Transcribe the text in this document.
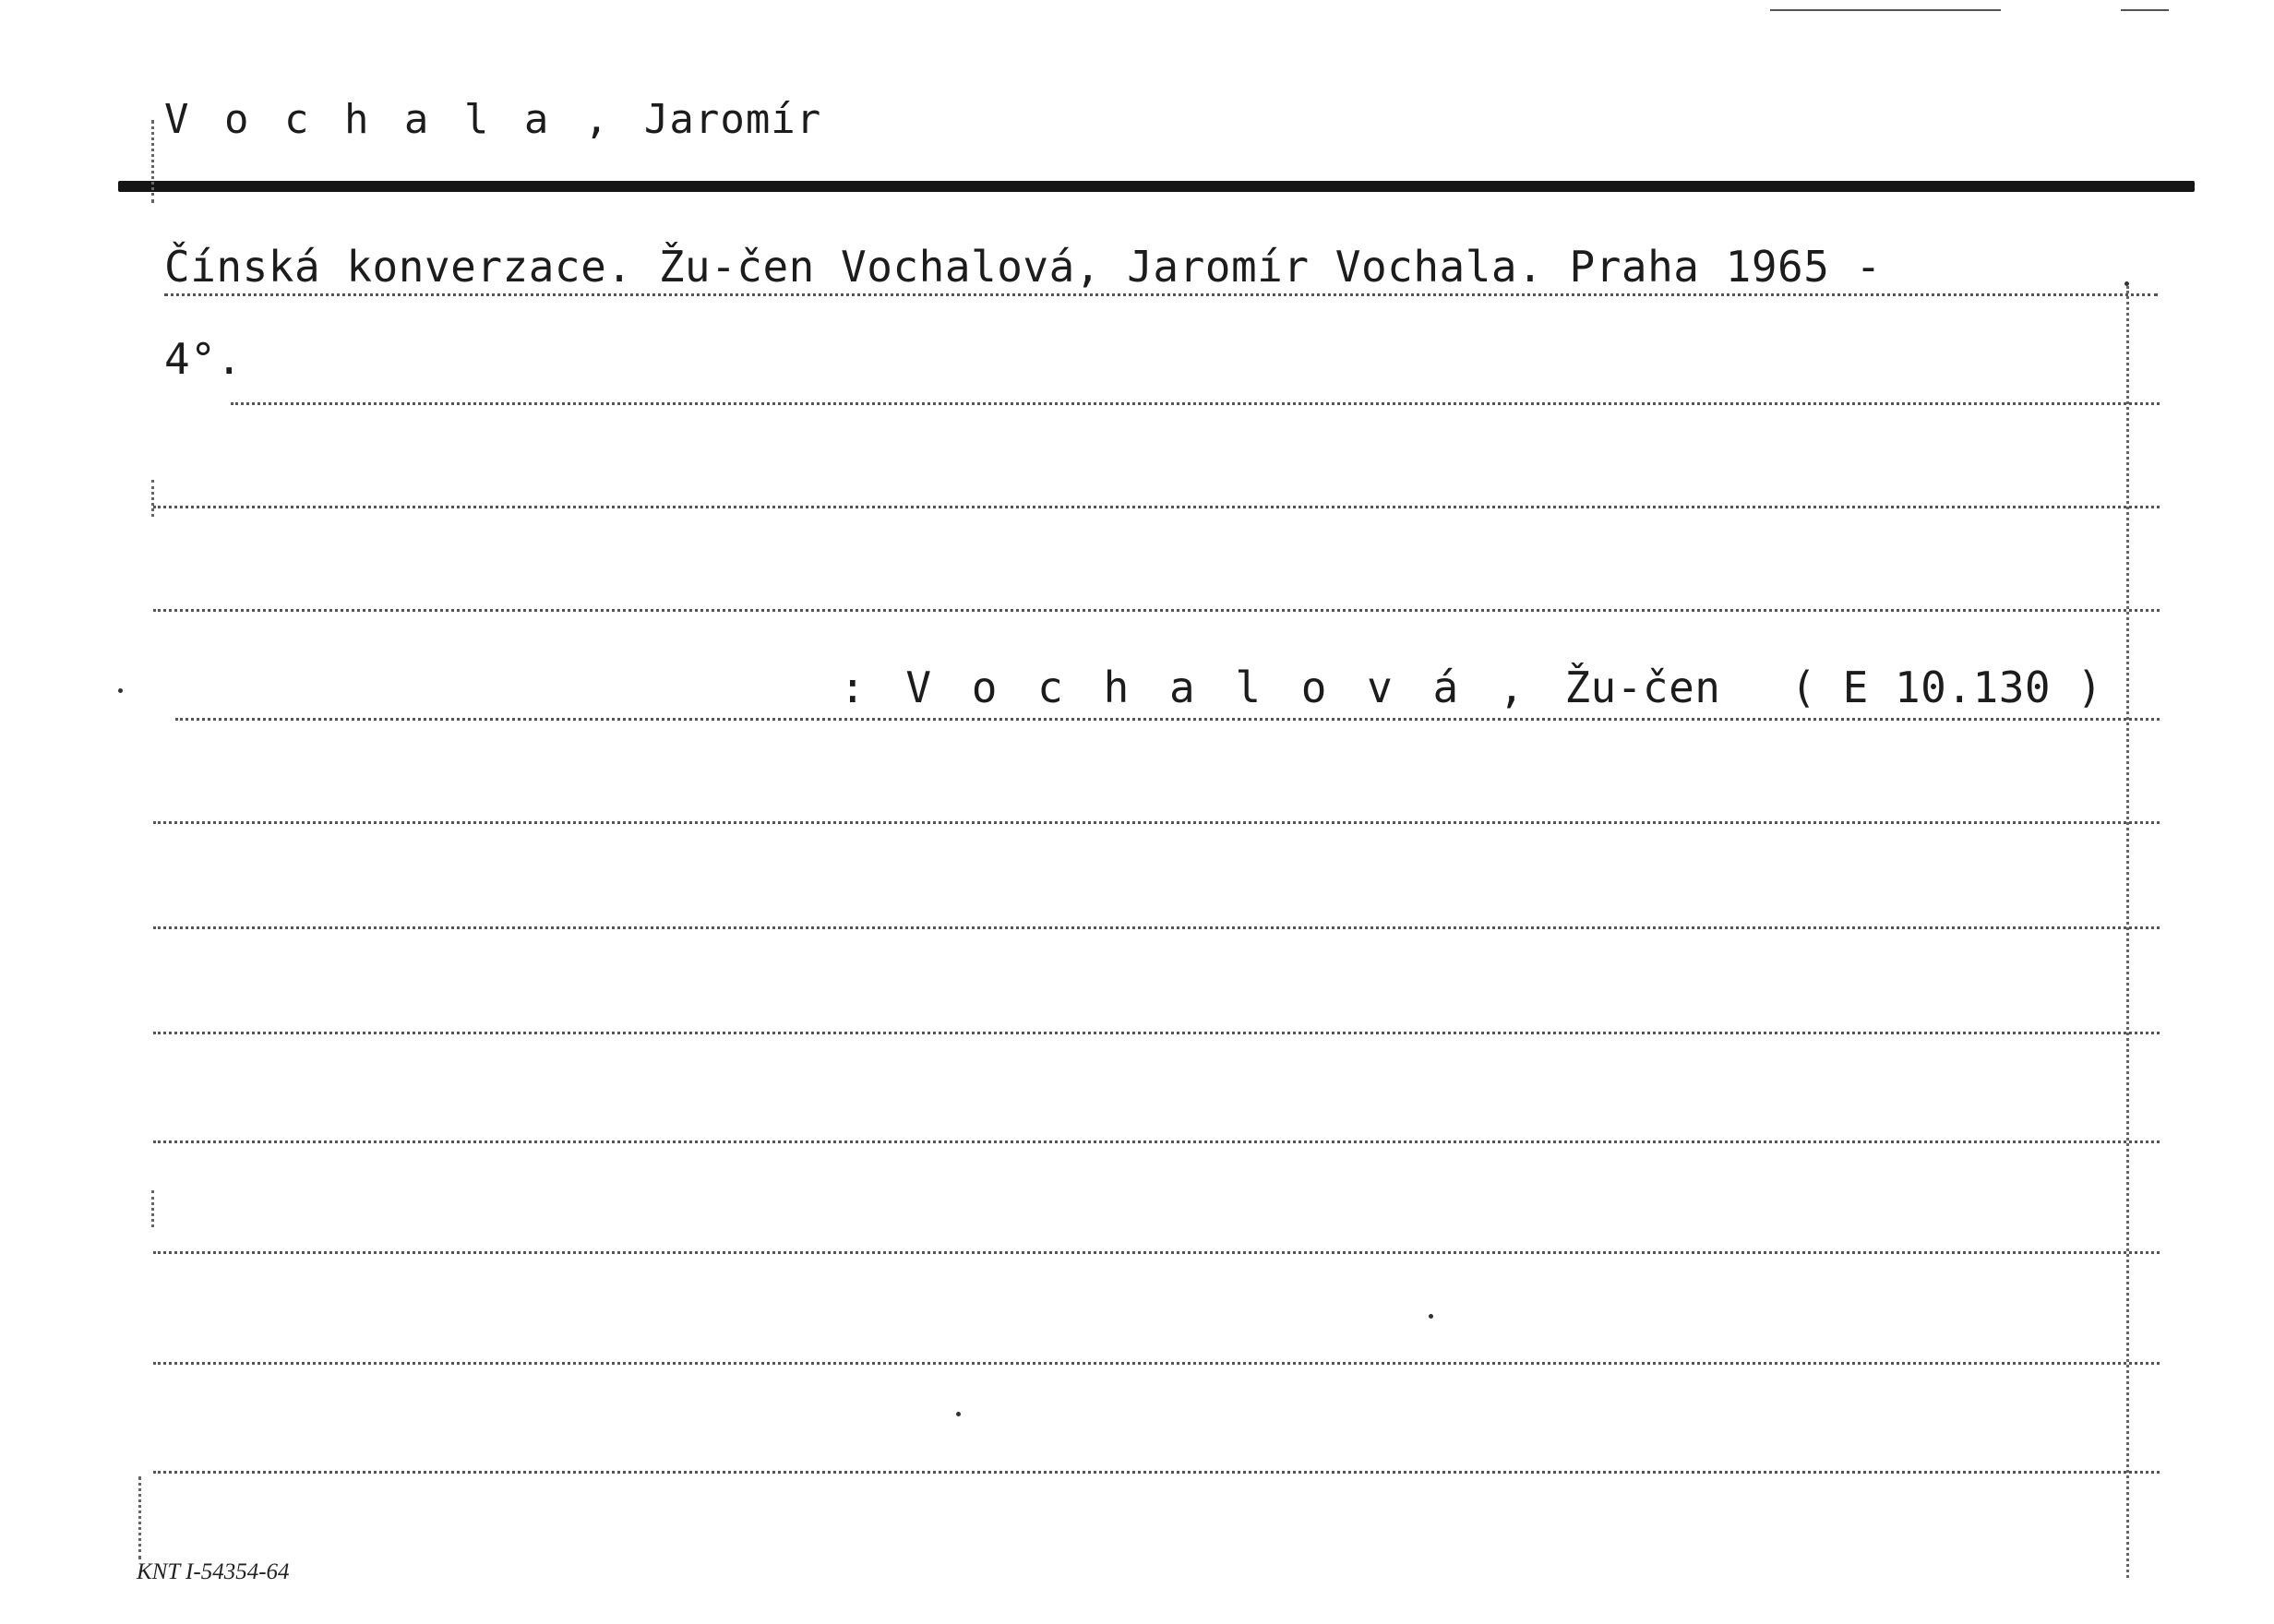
V o c h a l a , Jaromír
Čínská konverzace. Žu-čen Vochalová, Jaromír Vochala. Praha 1965 -
4°.
: V o c h a l o v á , Žu-čen ( E 10.130 )
KNT I-54354-64
